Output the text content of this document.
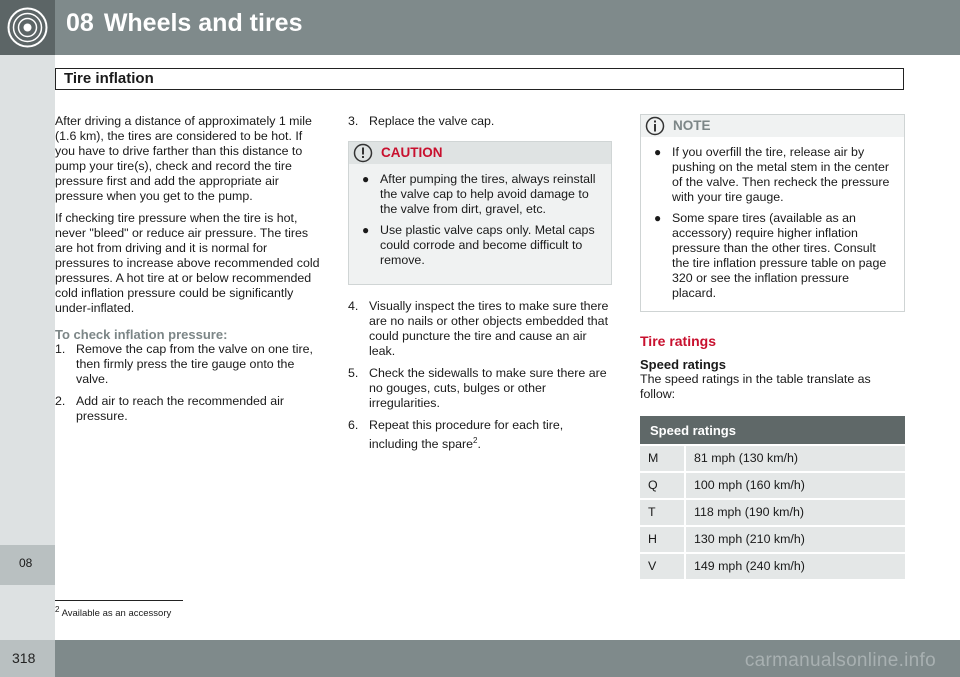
08 Wheels and tires
Tire inflation
08

After driving a distance of approximately 1 mile (1.6 km), the tires are considered to be hot. If you have to drive farther than this distance to pump your tire(s), check and record the tire pressure first and add the appropriate air pressure when you get to the pump.

If checking tire pressure when the tire is hot, never "bleed" or reduce air pressure. The tires are hot from driving and it is normal for pressures to increase above recommended cold pressures. A hot tire at or below recommended cold inflation pressure could be significantly under-inflated.

To check inflation pressure:
1. Remove the cap from the valve on one tire, then firmly press the tire gauge onto the valve.
2. Add air to reach the recommended air pressure.
3. Replace the valve cap.
CAUTION
● After pumping the tires, always reinstall the valve cap to help avoid damage to the valve from dirt, gravel, etc.
● Use plastic valve caps only. Metal caps could corrode and become difficult to remove.
4. Visually inspect the tires to make sure there are no nails or other objects embedded that could puncture the tire and cause an air leak.
5. Check the sidewalls to make sure there are no gouges, cuts, bulges or other irregularities.
6. Repeat this procedure for each tire, including the spare$^2$.
NOTE
● If you overfill the tire, release air by pushing on the metal stem in the center of the valve. Then recheck the pressure with your tire gauge.
● Some spare tires (available as an accessory) require higher inflation pressure than the other tires. Consult the tire inflation pressure table on page 320 or see the inflation pressure placard.
Tire ratings
Speed ratings
The speed ratings in the table translate as follow:
Speed ratings	
M	81 mph (130 km/h)
Q	100 mph (160 km/h)
T	118 mph (190 km/h)
H	130 mph (210 km/h)
V	149 mph (240 km/h)
$^2$ Available as an accessory
318	carmanualsonline.info
